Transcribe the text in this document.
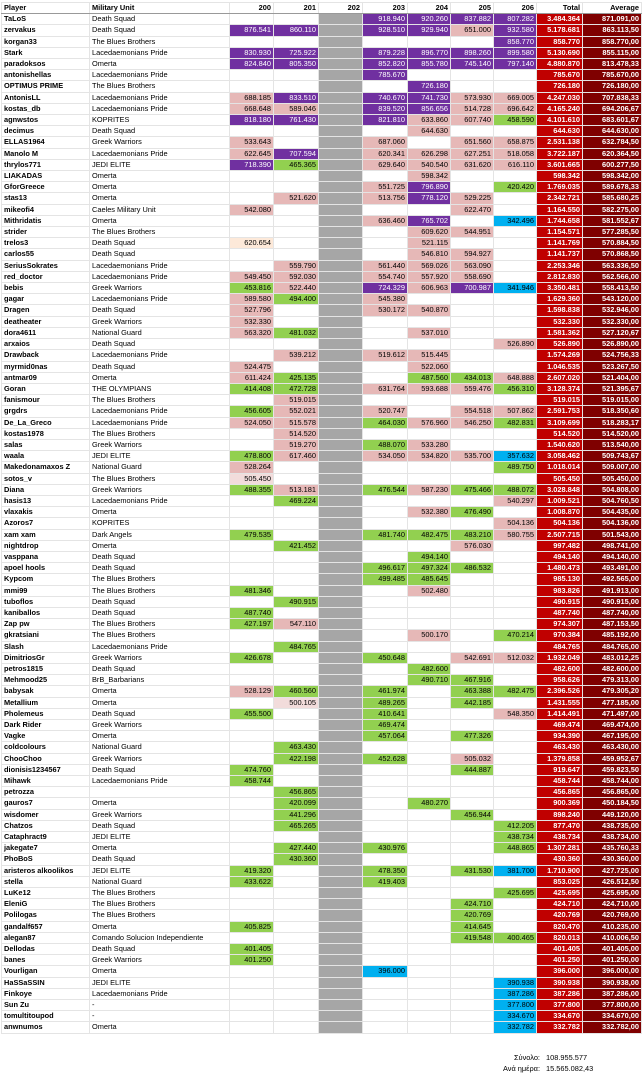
Player	Military Unit	200	201	202	203	204	205	206	Total	Average
TaLoS	Death Squad				918.940	920.260	837.882	807.282	3.484.364	871.091,00
zervakus	Death Squad	876.541	860.110		928.510	929.940	651.000	932.580	5.178.681	863.113,50
korgan33	The Blues Brothers							858.770	858.770	858.770,00
Stark	Lacedaemonians Pride	830.930	725.922		879.228	896.770	898.260	899.580	5.130.690	855.115,00
paradoksos	Omerta	824.840	805.350		852.820	855.780	745.140	797.140	4.880.870	813.478,33
antonishellas	Lacedaemonians Pride				785.670				785.670	785.670,00
OPTIMUS PRIME	The Blues Brothers					726.180			726.180	726.180,00
AntonisLL	Lacedaemonians Pride	688.185	833.510		740.670	741.730	573.930	669.005	4.247.030	707.838,33
kostas_db	Lacedaemonians Pride	668.648	589.046		839.520	856.656	514.728	696.642	4.165.240	694.206,67
agnwstos	KOPRITES	818.180	761.430		821.810	633.860	607.740	458.590	4.101.610	683.601,67
decimus	Death Squad					644.630			644.630	644.630,00
ELLAS1964	Greek Warriors	533.643			687.060		651.560	658.875	2.531.138	632.784,50
Manolo M	Lacedaemonians Pride	622.645	707.594		620.341	626.298	627.251	518.058	3.722.187	620.364,50
thrylos771	JEDI ELITE	718.390	465.365		629.640	540.540	631.620	616.110	3.601.665	600.277,50
LIAKADAS	Omerta					598.342			598.342	598.342,00
GforGreece	Omerta				551.725	796.890		420.420	1.769.035	589.678,33
stas13	Omerta		521.620		513.756	778.120	529.225		2.342.721	585.680,25
mikeofi4	Caeles Military Unit	542.080					622.470		1.164.550	582.275,00
Mithridatis	Omerta				636.460	765.702		342.496	1.744.658	581.552,67
strider	The Blues Brothers					609.620	544.951		1.154.571	577.285,50
trelos3	Death Squad	620.654				521.115			1.141.769	570.884,50
carlos55	Death Squad					546.810	594.927		1.141.737	570.868,50
SeriusSokrates	Lacedaemonians Pride		559.790		561.440	569.026	563.090		2.253.346	563.336,50
red_doctor	Lacedaemonians Pride	549.450	592.030		554.740	557.920	558.690		2.812.830	562.566,00
bebis	Greek Warriors	453.816	522.440		724.329	606.963	700.987	341.946	3.350.481	558.413,50
gagar	Lacedaemonians Pride	589.580	494.400		545.380				1.629.360	543.120,00
Dragen	Death Squad	527.796			530.172	540.870			1.598.838	532.946,00
deatheater	Greek Warriors	532.330							532.330	532.330,00
dora4611	National Guard	563.320	481.032			537.010			1.581.362	527.120,67
arxaios	Death Squad							526.890	526.890	526.890,00
Drawback	Lacedaemonians Pride		539.212		519.612	515.445			1.574.269	524.756,33
myrmid0nas	Death Squad	524.475				522.060			1.046.535	523.267,50
antmar09	Omerta	611.424	425.135			487.560	434.013	648.888	2.607.020	521.404,00
Goran	THE OLYMPIANS	414.408	472.728		631.764	593.688	559.476	456.310	3.128.374	521.395,67
fanismour	The Blues Brothers		519.015						519.015	519.015,00
grgdrs	Lacedaemonians Pride	456.605	552.021		520.747		554.518	507.862	2.591.753	518.350,60
De_La_Greco	Lacedaemonians Pride	524.050	515.578		464.030	576.960	546.250	482.831	3.109.699	518.283,17
kostas1978	The Blues Brothers		514.520						514.520	514.520,00
salas	Greek Warriors		519.270		488.070	533.280			1.540.620	513.540,00
waala	JEDI ELITE	478.800	617.460		534.050	534.820	535.700	357.632	3.058.462	509.743,67
Makedonamaxos Z	National Guard	528.264						489.750	1.018.014	509.007,00
sotos_v	The Blues Brothers	505.450							505.450	505.450,00
Diana	Greek Warriors	488.355	513.181		476.544	587.230	475.466	488.072	3.028.848	504.808,00
hasis13	Lacedaemonians Pride		469.224					540.297	1.009.521	504.760,50
vlaxakis	Omerta					532.380	476.490		1.008.870	504.435,00
Azoros7	KOPRITES							504.136	504.136	504.136,00
xam xam	Dark Angels	479.535			481.740	482.475	483.210	580.755	2.507.715	501.543,00
nightdrop	Omerta		421.452				576.030		997.482	498.741,00
vasppana	Death Squad					494.140			494.140	494.140,00
apoel hools	Death Squad				496.617	497.324	486.532		1.480.473	493.491,00
Kypcom	The Blues Brothers				499.485	485.645			985.130	492.565,00
mmi99	The Blues Brothers	481.346				502.480			983.826	491.913,00
tuboflos	Death Squad		490.915						490.915	490.915,00
kaniballos	Death Squad	487.740							487.740	487.740,00
Zap pw	The Blues Brothers	427.197	547.110						974.307	487.153,50
gkratsiani	The Blues Brothers					500.170		470.214	970.384	485.192,00
Slash	Lacedaemonians Pride		484.765						484.765	484.765,00
DimitriosGr	Greek Warriors	426.678			450.648		542.691	512.032	1.932.049	483.012,25
petros1815	Death Squad					482.600			482.600	482.600,00
Mehmood25	BrB_Barbarians					490.710	467.916		958.626	479.313,00
babysak	Omerta	528.129	460.560		461.974		463.388	482.475	2.396.526	479.305,20
Metallium	Omerta		500.105		489.265		442.185		1.431.555	477.185,00
Pholemeus	Death Squad	455.500			410.641			548.350	1.414.491	471.497,00
Dark Rider	Greek Warriors				469.474				469.474	469.474,00
Vagke	Omerta				457.064		477.326		934.390	467.195,00
coldcolours	National Guard		463.430						463.430	463.430,00
ChooChoo	Greek Warriors		422.198		452.628		505.032		1.379.858	459.952,67
dionisis1234567	Death Squad	474.760					444.887		919.647	459.823,50
Mihawk	Lacedaemonians Pride	458.744							458.744	458.744,00
petrozza			456.865						456.865	456.865,00
gauros7	Omerta		420.099			480.270			900.369	450.184,50
wisdomer	Greek Warriors		441.296				456.944		898.240	449.120,00
Chatzos	Death Squad		465.265					412.205	877.470	438.735,00
Cataphract9	JEDI ELITE							438.734	438.734	438.734,00
jakegate7	Omerta		427.440		430.976			448.865	1.307.281	435.760,33
PhoBoS	Death Squad		430.360						430.360	430.360,00
aristeros alkoolikos	JEDI ELITE	419.320			478.350		431.530	381.700	1.710.900	427.725,00
stella	National Guard	433.622			419.403				853.025	426.512,50
LuKe12	The Blues Brothers							425.695	425.695	425.695,00
EleniG	The Blues Brothers						424.710		424.710	424.710,00
Polilogas	The Blues Brothers						420.769		420.769	420.769,00
gandalf657	Omerta	405.825					414.645		820.470	410.235,00
alegan87	Comando Solucion Independiente						419.548	400.465	820.013	410.006,50
Dellodas	Death Squad	401.405							401.405	401.405,00
banes	Greek Warriors	401.250							401.250	401.250,00
Vourligan	Omerta				396.000				396.000	396.000,00
HaSSaSSIN	JEDI ELITE							390.938	390.938	390.938,00
Finkoye	Lacedaemonians Pride							387.286	387.286	387.286,00
Sun Zu	-							377.800	377.800	377.800,00
tomultitoupod	-							334.670	334.670	334.670,00
anwnumos	Omerta							332.782	332.782	332.782,00
Σύνολο: 108.955.577
Ανά ημέρα: 15.565.082,43
